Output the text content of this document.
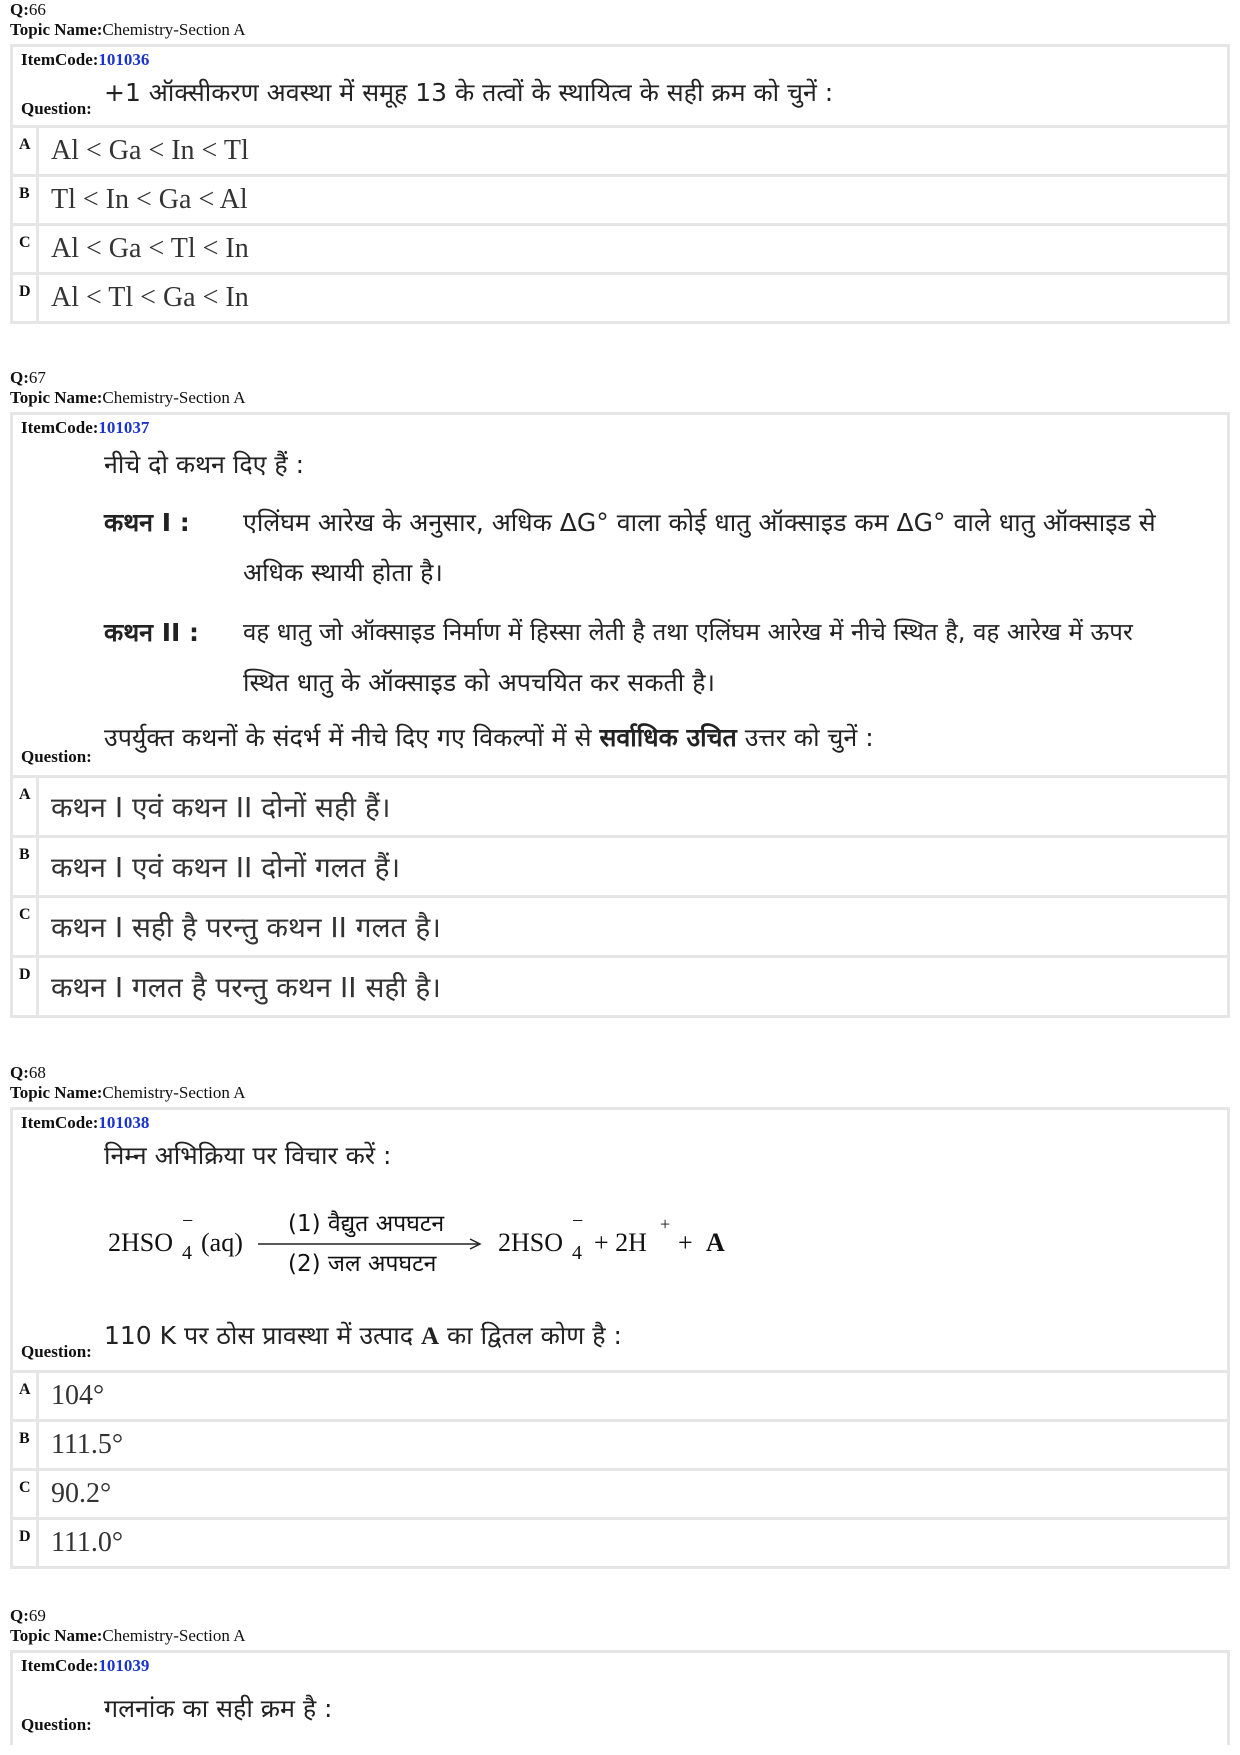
Q:66
Topic Name:Chemistry-Section A
ItemCode:101036
+1 ऑक्सीकरण अवस्था में समूह 13 के तत्वों के स्थायित्व के सही क्रम को चुनें :
Question:
A Al < Ga < In < Tl
B Tl < In < Ga < Al
C Al < Ga < Tl < In
D Al < Tl < Ga < In
Q:67
Topic Name:Chemistry-Section A
ItemCode:101037
नीचे दो कथन दिए हैं :
कथन I : एलिंघम आरेख के अनुसार, अधिक ΔG° वाला कोई धातु ऑक्साइड कम ΔG° वाले धातु ऑक्साइड से
अधिक स्थायी होता है।
कथन II : वह धातु जो ऑक्साइड निर्माण में हिस्सा लेती है तथा एलिंघम आरेख में नीचे स्थित है, वह आरेख में ऊपर
स्थित धातु के ऑक्साइड को अपचयित कर सकती है।
उपर्युक्त कथनों के संदर्भ में नीचे दिए गए विकल्पों में से सर्वाधिक उचित उत्तर को चुनें :
Question:
A कथन I एवं कथन II दोनों सही हैं।
B कथन I एवं कथन II दोनों गलत हैं।
C कथन I सही है परन्तु कथन II गलत है।
D कथन I गलत है परन्तु कथन II सही है।
Q:68
Topic Name:Chemistry-Section A
ItemCode:101038
निम्न अभिक्रिया पर विचार करें :
2HSO 4
−
(aq)
(1) वैद्युत अपघटन
(2) जल अपघटन
2HSO 4
−
+ 2H
+
+ A
110 K पर ठोस प्रावस्था में उत्पाद A का द्वितल कोण है :
Question:
A 104°
B 111.5°
C 90.2°
D 111.0°
Q:69
Topic Name:Chemistry-Section A
ItemCode:101039
गलनांक का सही क्रम है :
Question:
